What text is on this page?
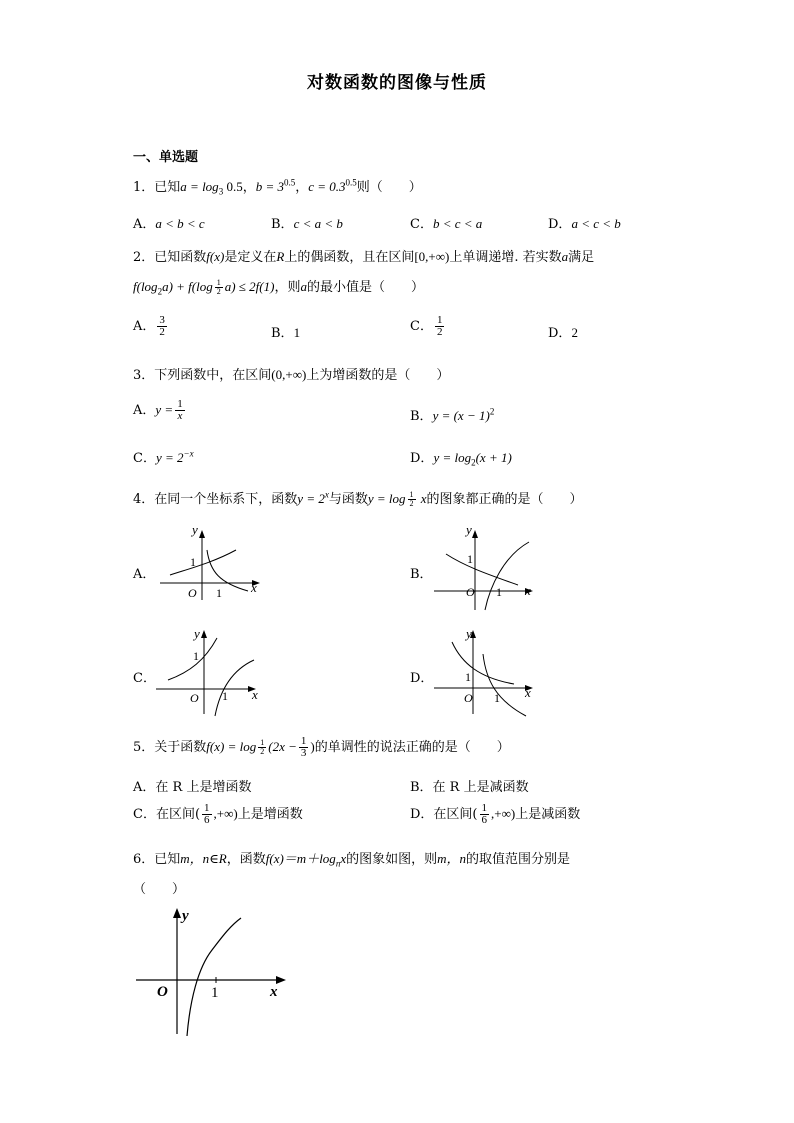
对数函数的图像与性质
一、单选题
1．已知$a = \log_3 0.5$，$b = 3^{0.5}$，$c = 0.3^{0.5}$则（　　）
A．a < b < c	B．c < a < b	C．b < c < a	D．a < c < b
2．已知函数f(x)是定义在R上的偶函数，且在区间[0,+∞)上单调递增. 若实数a满足
$f(\log_2a) + f(\log \frac{1}{2} a) \le 2f(1)$，则a的最小值是（　　）
A． $\frac{3}{2}$	B．1	C． $\frac{1}{2}$	D．2
3．下列函数中，在区间(0,+∞)上为增函数的是（　　）
A．$y = \frac{1}{x}$	B．$y = (x - 1)^2$
C．$y = 2^{-x}$	D．$y = \log_2(x + 1)$
4．在同一个坐标系下，函数$y = 2^x$与函数$y = \log \frac{1}{2}$ x的图象都正确的是（　　）
A．
y
x
O
1
1
B．
y
x
O
1
1
C．
y
x
O
1
1
D．
y
x
O
1
1
5．关于函数$f(x) = \log \frac{1}{2} (2x - \frac{1}{3}$ )的单调性的说法正确的是（　　）
A．在 R 上是增函数	B．在 R 上是减函数
C．在区间( $\frac{1}{6}$ ,+∞)上是增函数	D．在区间( $\frac{1}{6}$ ,+∞)上是减函数
6．已知m，n∈R，函数$f(x)=m+\log_nx$的图象如图，则m，n的取值范围分别是
（　　）
y
x
O	1
